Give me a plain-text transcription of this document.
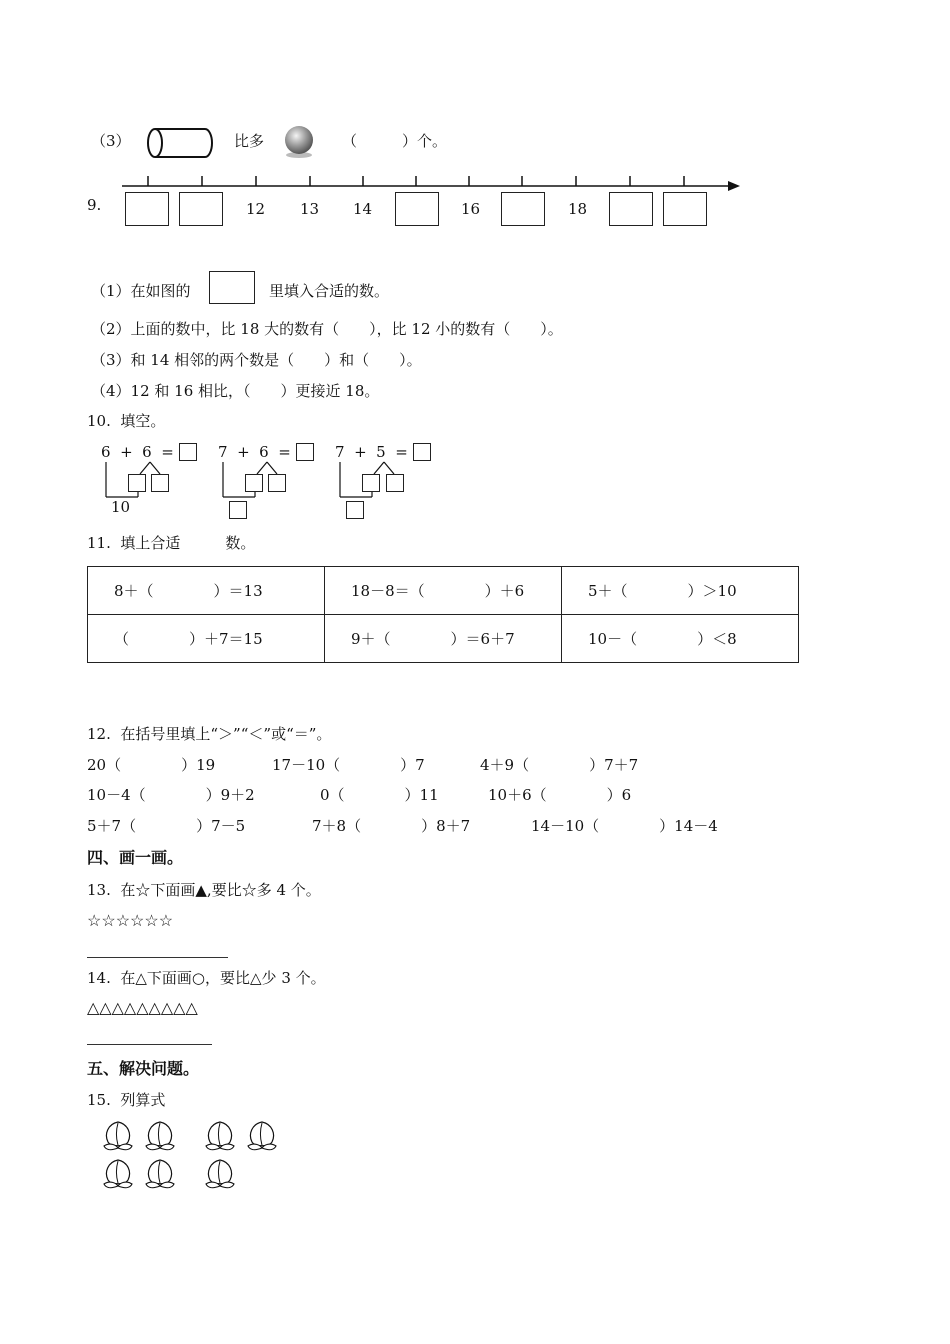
（3）	比多	（　　　）个。
9.	12 13 14	16	18
（1）在如图的	里填入合适的数。
（2）上面的数中，比 18 大的数有（　　），比 12 小的数有（　　）。
（3）和 14 相邻的两个数是（　　）和（　　）。
（4）12 和 16 相比，（　　）更接近 18。
10.  填空。
6  +  6  =
10
7  +  6  =	7  +  5  =
11.  填上合适　　　数。
8＋（　　　　）＝13	18－8＝（　　　　）＋6	5＋（　　　　）＞10
（　　　　）＋7＝15	9＋（　　　　）＝6＋7	10－（　　　　）＜8
12.  在括号里填上“＞”“＜”或“＝”。
20（　　　　）19	17－10（　　　　）7	4＋9（　　　　）7＋7
10－4（　　　　）9＋2	0（　　　　）11	10＋6（　　　　）6
5＋7（　　　　）7－5	7＋8（　　　　）8＋7	14－10（　　　　）14－4
四、画一画。
13.  在☆下面画▲,要比☆多 4 个。
☆☆☆☆☆☆
14.  在△下面画○，要比△少 3 个。
△△△△△△△△△
五、解决问题。
15.  列算式
